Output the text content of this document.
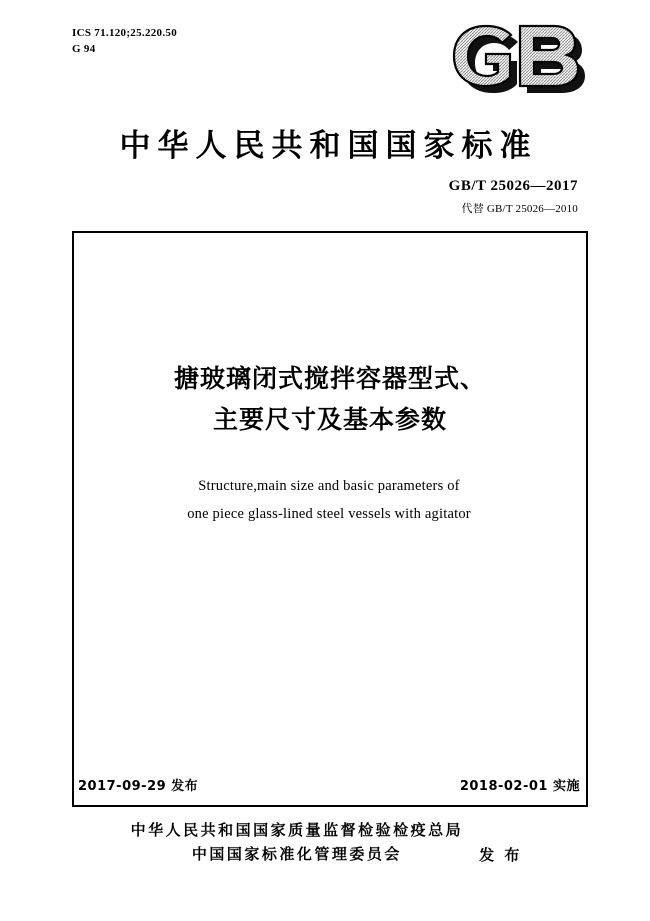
ICS 71.120;25.220.50
G 94
中华人民共和国国家标准
GB/T 25026—2017
代替 GB/T 25026—2010
搪玻璃闭式搅拌容器型式、
主要尺寸及基本参数
Structure,main size and basic parameters of
one piece glass-lined steel vessels with agitator
2017-09-29 发布	2018-02-01 实施
中华人民共和国国家质量监督检验检疫总局
中国国家标准化管理委员会	发 布
